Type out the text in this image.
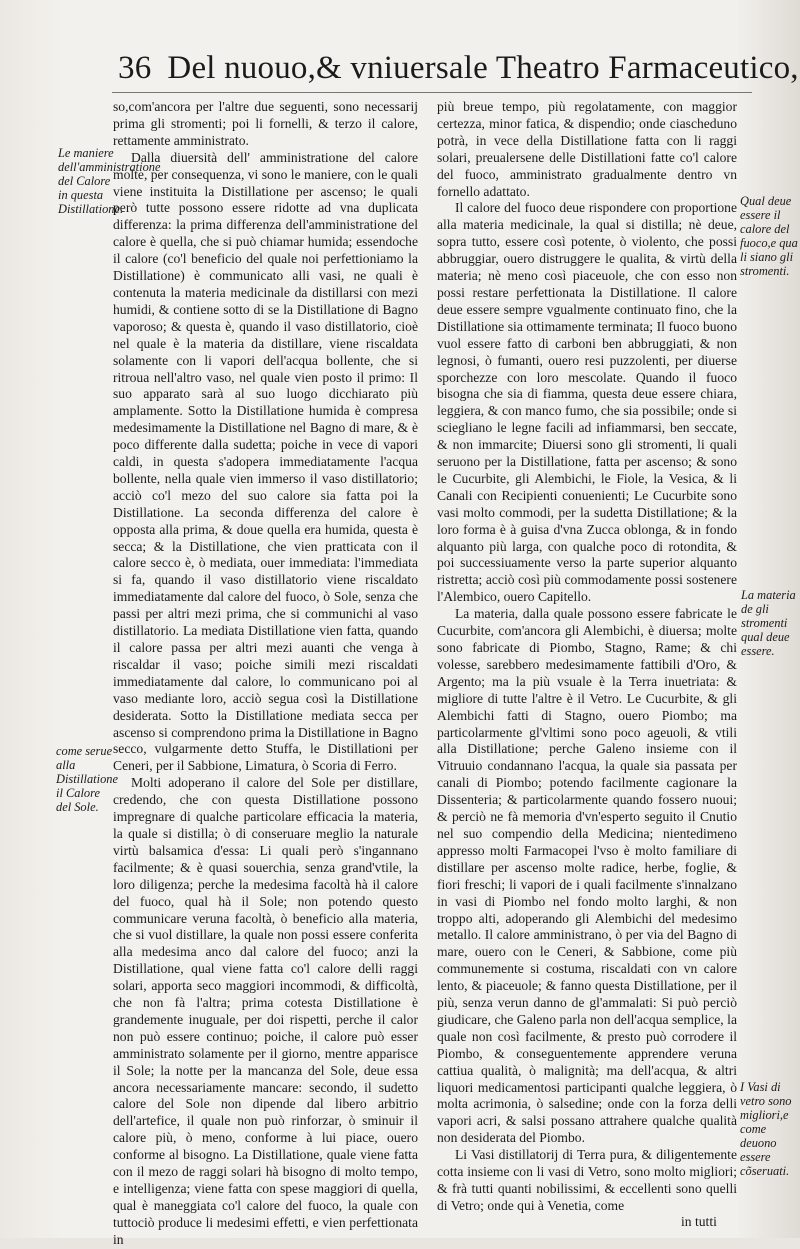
36 Del nuouo,& vniuersale Theatro Farmaceutico,
Le maniere dell'amministratione del Calore in questa Distillatione.
come serue alla Distillatione il Calore del Sole.
Qual deue essere il calore del fuoco,e qua li siano gli stromenti.
La materia de gli stromenti qual deue essere.
I Vasi di vetro sono migliori,e come deuono essere cõseruati.

so,com'ancora per l'altre due seguenti, sono necessarij prima gli stromenti; poi li fornelli, & terzo il calore, rettamente amministrato.

Dalla diuersità dell' amministratione del calore molte, per consequenza, vi sono le maniere, con le quali viene instituita la Distillatione per ascenso; le quali però tutte possono essere ridotte ad vna duplicata differenza: la prima differenza dell'amministratione del calore è quella, che si può chiamar humida; essendoche il calore (co'l beneficio del quale noi perfettioniamo la Distillatione) è communicato alli vasi, ne quali è contenuta la materia medicinale da distillarsi con mezi humidi, & contiene sotto di se la Distillatione di Bagno vaporoso; & questa è, quando il vaso distillatorio, cioè nel quale è la materia da distillare, viene riscaldata solamente con li vapori dell'acqua bollente, che si ritroua nell'altro vaso, nel quale vien posto il primo: Il suo apparato sarà al suo luogo dicchiarato più amplamente. Sotto la Distillatione humida è compresa medesimamente la Distillatione nel Bagno di mare, & è poco differente dalla sudetta; poiche in vece di vapori caldi, in questa s'adopera immediatamente l'acqua bollente, nella quale vien immerso il vaso distillatorio; acciò co'l mezo del suo calore sia fatta poi la Distillatione. La seconda differenza del calore è opposta alla prima, & doue quella era humida, questa è secca; & la Distillatione, che vien pratticata con il calore secco è, ò mediata, ouer immediata: l'immediata si fa, quando il vaso distillatorio viene riscaldato immediatamente dal calore del fuoco, ò Sole, senza che passi per altri mezi prima, che si communichi al vaso distillatorio. La mediata Distillatione vien fatta, quando il calore passa per altri mezi auanti che venga à riscaldar il vaso; poiche simili mezi riscaldati immediatamente dal calore, lo communicano poi al vaso mediante loro, acciò segua così la Distillatione desiderata. Sotto la Distillatione mediata secca per ascenso si comprendono prima la Distillatione in Bagno secco, vulgarmente detto Stuffa, le Distillationi per Ceneri, per il Sabbione, Limatura, ò Scoria di Ferro.

Molti adoperano il calore del Sole per distillare, credendo, che con questa Distillatione possono impregnare di qualche particolare efficacia la materia, la quale si distilla; ò di conseruare meglio la naturale virtù balsamica d'essa: Li quali però s'ingannano facilmente; & è quasi souerchia, senza grand'vtile, la loro diligenza; perche la medesima facoltà hà il calore del fuoco, qual hà il Sole; non potendo questo communicare veruna facoltà, ò beneficio alla materia, che si vuol distillare, la quale non possi essere conferita alla medesima anco dal calore del fuoco; anzi la Distillatione, qual viene fatta co'l calore delli raggi solari, apporta seco maggiori incommodi, & difficoltà, che non fà l'altra; prima cotesta Distillatione è grandemente inuguale, per doi rispetti, perche il calor non può essere continuo; poiche, il calore può esser amministrato solamente per il giorno, mentre apparisce il Sole; la notte per la mancanza del Sole, deue essa ancora necessariamente mancare: secondo, il sudetto calore del Sole non dipende dal libero arbitrio dell'artefice, il quale non può rinforzar, ò sminuir il calore più, ò meno, conforme à lui piace, ouero conforme al bisogno. La Distillatione, quale viene fatta con il mezo de raggi solari hà bisogno di molto tempo, e intelligenza; viene fatta con spese maggiori di quella, qual è maneggiata co'l calore del fuoco, la quale con tuttociò produce li medesimi effetti, e vien perfettionata in

più breue tempo, più regolatamente, con maggior certezza, minor fatica, & dispendio; onde ciascheduno potrà, in vece della Distillatione fatta con li raggi solari, preualersene delle Distillationi fatte co'l calore del fuoco, amministrato gradualmente dentro vn fornello adattato.

Il calore del fuoco deue rispondere con proportione alla materia medicinale, la qual si distilla; nè deue, sopra tutto, essere così potente, ò violento, che possi abbruggiar, ouero distruggere le qualita, & virtù della materia; nè meno così piaceuole, che con esso non possi restare perfettionata la Distillatione. Il calore deue essere sempre vgualmente continuato fino, che la Distillatione sia ottimamente terminata; Il fuoco buono vuol essere fatto di carboni ben abbruggiati, & non legnosi, ò fumanti, ouero resi puzzolenti, per diuerse sporchezze con loro mescolate. Quando il fuoco bisogna che sia di fiamma, questa deue essere chiara, leggiera, & con manco fumo, che sia possibile; onde si sciegliano le legne facili ad infiammarsi, ben seccate, & non immarcite; Diuersi sono gli stromenti, li quali seruono per la Distillatione, fatta per ascenso; & sono le Cucurbite, gli Alembichi, le Fiole, la Vesica, & li Canali con Recipienti conuenienti; Le Cucurbite sono vasi molto commodi, per la sudetta Distillatione; & la loro forma è à guisa d'vna Zucca oblonga, & in fondo alquanto più larga, con qualche poco di rotondita, & poi successiuamente verso la parte superior alquanto ristretta; acciò così più commodamente possi sostenere l'Alembico, ouero Capitello.

La materia, dalla quale possono essere fabricate le Cucurbite, com'ancora gli Alembichi, è diuersa; molte sono fabricate di Piombo, Stagno, Rame; & chi volesse, sarebbero medesimamente fattibili d'Oro, & Argento; ma la più vsuale è la Terra inuetriata: & migliore di tutte l'altre è il Vetro. Le Cucurbite, & gli Alembichi fatti di Stagno, ouero Piombo; ma particolarmente gl'vltimi sono poco ageuoli, & vtili alla Distillatione; perche Galeno insieme con il Vitruuio condannano l'acqua, la quale sia passata per canali di Piombo; potendo facilmente cagionare la Dissenteria; & particolarmente quando fossero nuoui; & perciò ne fà memoria d'vn'esperto seguito il Cnutio nel suo compendio della Medicina; nientedimeno appresso molti Farmacopei l'vso è molto familiare di distillare per ascenso molte radice, herbe, foglie, & fiori freschi; li vapori de i quali facilmente s'innalzano in vasi di Piombo nel fondo molto larghi, & non troppo alti, adoperando gli Alembichi del medesimo metallo. Il calore amministrano, ò per via del Bagno di mare, ouero con le Ceneri, & Sabbione, come più communemente si costuma, riscaldati con vn calore lento, & piaceuole; & fanno questa Distillatione, per il più, senza verun danno de gl'ammalati: Si può perciò giudicare, che Galeno parla non dell'acqua semplice, la quale non così facilmente, & presto può corrodere il Piombo, & conseguentemente apprendere veruna cattiua qualità, ò malignità; ma dell'acqua, & altri liquori medicamentosi participanti qualche leggiera, ò molta acrimonia, ò salsedine; onde con la forza delli vapori acri, & salsi possano attrahere qualche qualità non desiderata del Piombo.

Li Vasi distillatorij di Terra pura, & diligentemente cotta insieme con li vasi di Vetro, sono molto migliori; & frà tutti quanti nobilissimi, & eccellenti sono quelli di Vetro; onde qui à Venetia, come

in tutti
